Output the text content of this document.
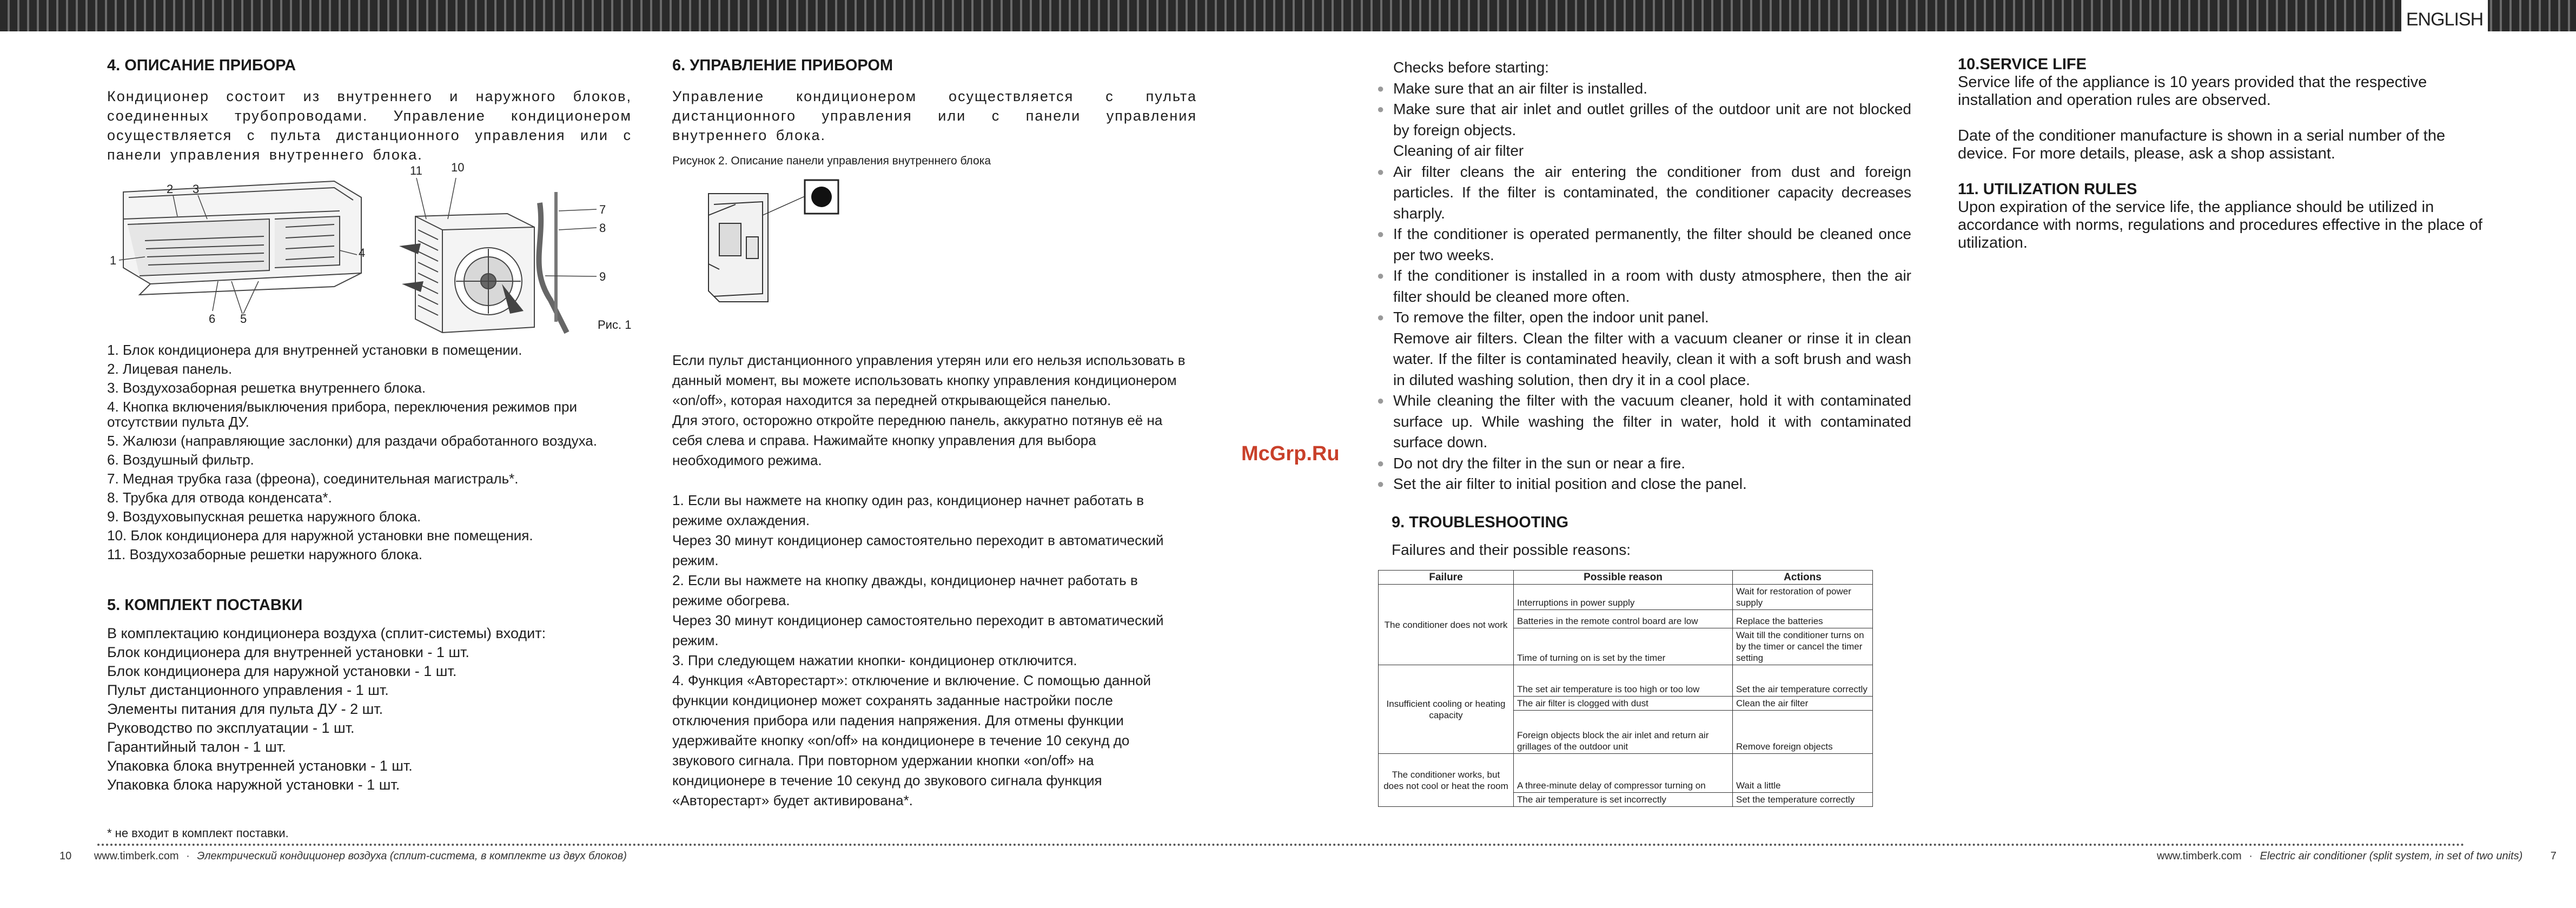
ENGLISH
4. ОПИСАНИЕ ПРИБОРА
Кондиционер состоит из внутреннего и наружного блоков, соединенных трубопроводами. Управление кондиционером осуществляется с пульта дистанционного управления или с панели управления внутреннего блока.
2 3
1
4
6 5
11 10
7
8
9
Рис. 1
1. Блок кондиционера для внутренней установки в помещении.
2. Лицевая панель.
3. Воздухозаборная решетка внутреннего блока.
4. Кнопка включения/выключения прибора, переключения режимов при отсутствии пульта ДУ.
5. Жалюзи (направляющие заслонки) для раздачи обработанного воздуха.
6. Воздушный фильтр.
7. Медная трубка газа (фреона), соединительная магистраль*.
8. Трубка для отвода конденсата*.
9. Воздуховыпускная решетка наружного блока.
10. Блок кондиционера для наружной установки вне помещения.
11. Воздухозаборные решетки наружного блока.
5. КОМПЛЕКТ ПОСТАВКИ
В комплектацию кондиционера воздуха (сплит-системы) входит:
Блок кондиционера для внутренней установки - 1 шт.
Блок кондиционера для наружной установки - 1 шт.
Пульт дистанционного управления - 1 шт.
Элементы питания для пульта ДУ - 2 шт.
Руководство по эксплуатации - 1 шт.
Гарантийный талон - 1 шт.
Упаковка блока внутренней установки - 1 шт.
Упаковка блока наружной установки - 1 шт.
* не входит в комплект поставки.
6. УПРАВЛЕНИЕ ПРИБОРОМ
Управление кондиционером осуществляется с пульта дистанционного управления или с панели управления внутреннего блока.
Рисунок 2. Описание панели управления внутреннего блока
Если пульт дистанционного управления утерян или его нельзя использовать в данный момент, вы можете использовать кнопку управления кондиционером «on/off», которая находится за передней открывающейся панелью.
Для этого, осторожно откройте переднюю панель, аккуратно потянув её на себя слева и справа. Нажимайте кнопку управления для выбора необходимого режима.
1. Если вы нажмете на кнопку один раз, кондиционер начнет работать в режиме охлаждения.
Через 30 минут кондиционер самостоятельно переходит в автоматический режим.
2. Если вы нажмете на кнопку дважды, кондиционер начнет работать в режиме обогрева.
Через 30 минут кондиционер самостоятельно переходит в автоматический режим.
3. При следующем нажатии кнопки- кондиционер отключится.
4. Функция «Авторестарт»: отключение и включение. С помощью данной функции кондиционер может сохранять заданные настройки после отключения прибора или падения напряжения. Для отмены функции удерживайте кнопку «on/off» на кондиционере в течение 10 секунд до звукового сигнала. При повторном удержании кнопки «on/off» на кондиционере в течение 10 секунд до звукового сигнала функция «Авторестарт» будет активирована*.
McGrp.Ru
Checks before starting:
● Make sure that an air filter is installed.
● Make sure that air inlet and outlet grilles of the outdoor unit are not blocked by foreign objects.
Cleaning of air filter
● Air filter cleans the air entering the conditioner from dust and foreign particles. If the filter is contaminated, the conditioner capacity decreases sharply.
● If the conditioner is operated permanently, the filter should be cleaned once per two weeks.
● If the conditioner is installed in a room with dusty atmosphere, then the air filter should be cleaned more often.
● To remove the filter, open the indoor unit panel.
Remove air filters. Clean the filter with a vacuum cleaner or rinse it in clean water. If the filter is contaminated heavily, clean it with a soft brush and wash in diluted washing solution, then dry it in a cool place.
● While cleaning the filter with the vacuum cleaner, hold it with contaminated surface up. While washing the filter in water, hold it with contaminated surface down.
● Do not dry the filter in the sun or near a fire.
● Set the air filter to initial position and close the panel.
9. TROUBLESHOOTING
Failures and their possible reasons:
Failure	Possible reason	Actions
The conditioner does not work	Interruptions in power supply	Wait for restoration of power supply
	Batteries in the remote control board are low	Replace the batteries
	Time of turning on is set by the timer	Wait till the conditioner turns on by the timer or cancel the timer setting
Insufficient cooling or heating capacity	The set air temperature is too high or too low	Set the air temperature correctly
	The air filter is clogged with dust	Clean the air filter
	Foreign objects block the air inlet and return air grillages of the outdoor unit	Remove foreign objects
The conditioner works, but does not cool or heat the room	A three-minute delay of compressor turning on	Wait a little
	The air temperature is set incorrectly	Set the temperature correctly
10.SERVICE LIFE
Service life of the appliance is 10 years provided that the respective installation and operation rules are observed.
Date of the conditioner manufacture is shown in a serial number of the device. For more details, please, ask a shop assistant.
11. UTILIZATION RULES
Upon expiration of the service life, the appliance should be utilized in accordance with norms, regulations and procedures effective in the place of utilization.
10 www.timberk.com · Электрический кондиционер воздуха (сплит-система, в комплекте из двух блоков)	www.timberk.com · Electric air conditioner (split system, in set of two units)	7
